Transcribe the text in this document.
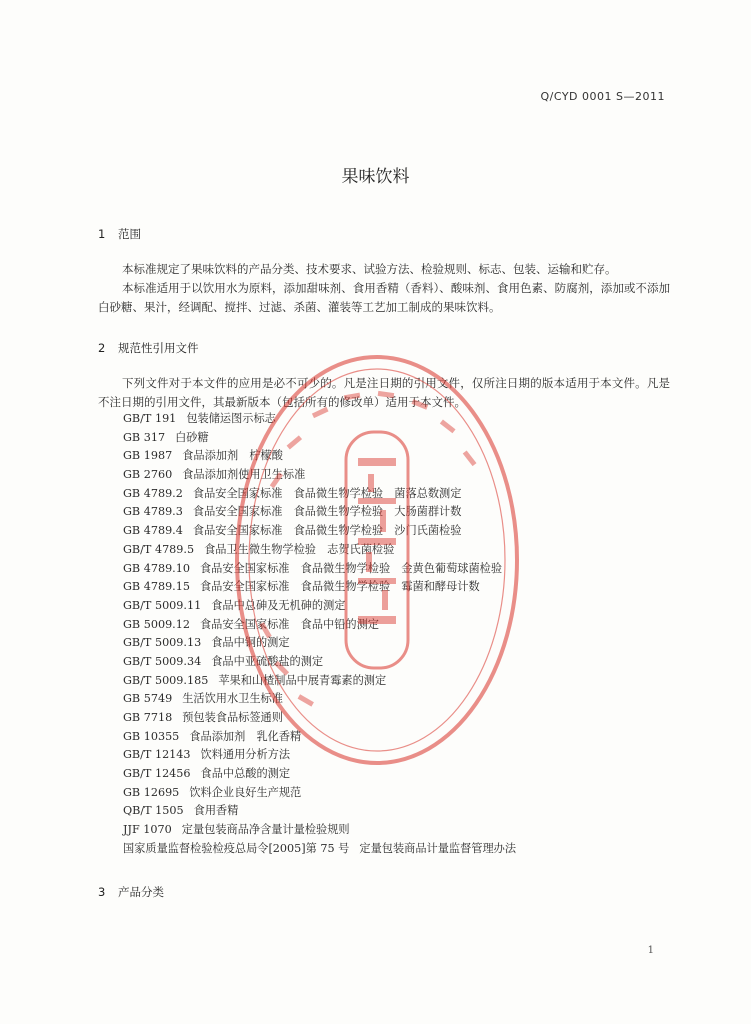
Q/CYD 0001 S—2011
果味饮料
1 范围

本标准规定了果味饮料的产品分类、技术要求、试验方法、检验规则、标志、包装、运输和贮存。

本标准适用于以饮用水为原料，添加甜味剂、食用香精（香料）、酸味剂、食用色素、防腐剂，添加或不添加白砂糖、果汁，经调配、搅拌、过滤、杀菌、灌装等工艺加工制成的果味饮料。

2 规范性引用文件

下列文件对于本文件的应用是必不可少的。凡是注日期的引用文件，仅所注日期的版本适用于本文件。凡是不注日期的引用文件，其最新版本（包括所有的修改单）适用于本文件。

GB/T 191 包装储运图示标志
GB 317 白砂糖
GB 1987 食品添加剂　柠檬酸
GB 2760 食品添加剂使用卫生标准
GB 4789.2 食品安全国家标准　食品微生物学检验　菌落总数测定
GB 4789.3 食品安全国家标准　食品微生物学检验　大肠菌群计数
GB 4789.4 食品安全国家标准　食品微生物学检验　沙门氏菌检验
GB/T 4789.5 食品卫生微生物学检验　志贺氏菌检验
GB 4789.10 食品安全国家标准　食品微生物学检验　金黄色葡萄球菌检验
GB 4789.15 食品安全国家标准　食品微生物学检验　霉菌和酵母计数
GB/T 5009.11 食品中总砷及无机砷的测定
GB 5009.12 食品安全国家标准　食品中铅的测定
GB/T 5009.13 食品中铜的测定
GB/T 5009.34 食品中亚硫酸盐的测定
GB/T 5009.185 苹果和山楂制品中展青霉素的测定
GB 5749 生活饮用水卫生标准
GB 7718 预包装食品标签通则
GB 10355 食品添加剂　乳化香精
GB/T 12143 饮料通用分析方法
GB/T 12456 食品中总酸的测定
GB 12695 饮料企业良好生产规范
QB/T 1505 食用香精
JJF 1070 定量包装商品净含量计量检验规则
国家质量监督检验检疫总局令[2005]第 75 号 定量包装商品计量监督管理办法
3 产品分类
1
